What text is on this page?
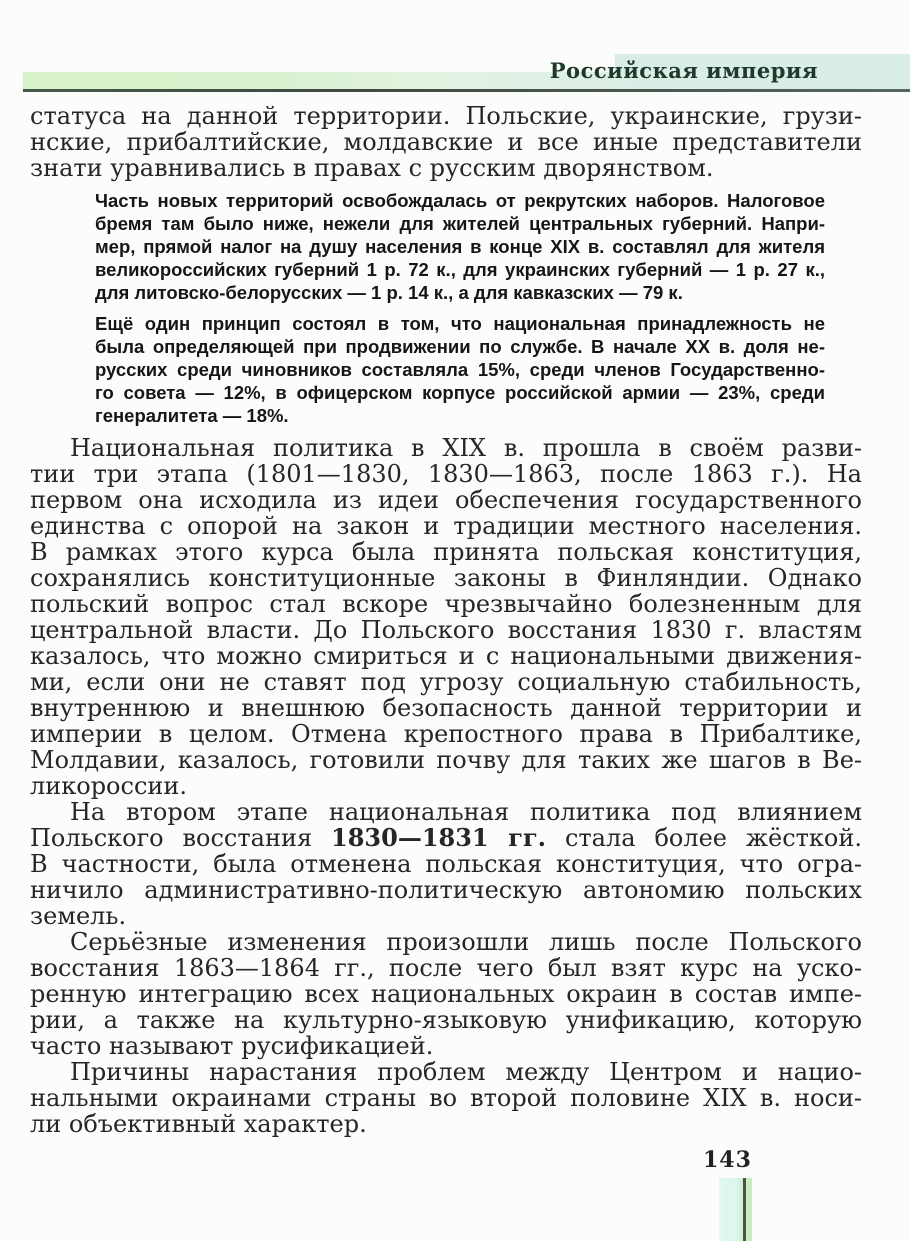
Российская империя
статуса на данной территории. Польские, украинские, грузи-
нские, прибалтийские, молдавские и все иные представители
знати уравнивались в правах с русским дворянством.
Часть новых территорий освобождалась от рекрутских наборов. Налоговое
бремя там было ниже, нежели для жителей центральных губерний. Напри-
мер, прямой налог на душу населения в конце XIX в. составлял для жителя
великороссийских губерний 1 р. 72 к., для украинских губерний — 1 р. 27 к.,
для литовско-белорусских — 1 р. 14 к., а для кавказских — 79 к.
Ещё один принцип состоял в том, что национальная принадлежность не
была определяющей при продвижении по службе. В начале XX в. доля не-
русских среди чиновников составляла 15%, среди членов Государственно-
го совета — 12%, в офицерском корпусе российской армии — 23%, среди
генералитета — 18%.
Национальная политика в XIX в. прошла в своём разви-
тии три этапа (1801—1830, 1830—1863, после 1863 г.). На
первом она исходила из идеи обеспечения государственного
единства с опорой на закон и традиции местного населения.
В рамках этого курса была принята польская конституция,
сохранялись конституционные законы в Финляндии. Однако
польский вопрос стал вскоре чрезвычайно болезненным для
центральной власти. До Польского восстания 1830 г. властям
казалось, что можно смириться и с национальными движения-
ми, если они не ставят под угрозу социальную стабильность,
внутреннюю и внешнюю безопасность данной территории и
империи в целом. Отмена крепостного права в Прибалтике,
Молдавии, казалось, готовили почву для таких же шагов в Ве-
ликороссии.
На втором этапе национальная политика под влиянием
Польского восстания 1830—1831 гг. стала более жёсткой.
В частности, была отменена польская конституция, что огра-
ничило административно-политическую автономию польских
земель.
Серьёзные изменения произошли лишь после Польского
восстания 1863—1864 гг., после чего был взят курс на уско-
ренную интеграцию всех национальных окраин в состав импе-
рии, а также на культурно-языковую унификацию, которую
часто называют русификацией.
Причины нарастания проблем между Центром и нацио-
нальными окраинами страны во второй половине XIX в. носи-
ли объективный характер.
143
